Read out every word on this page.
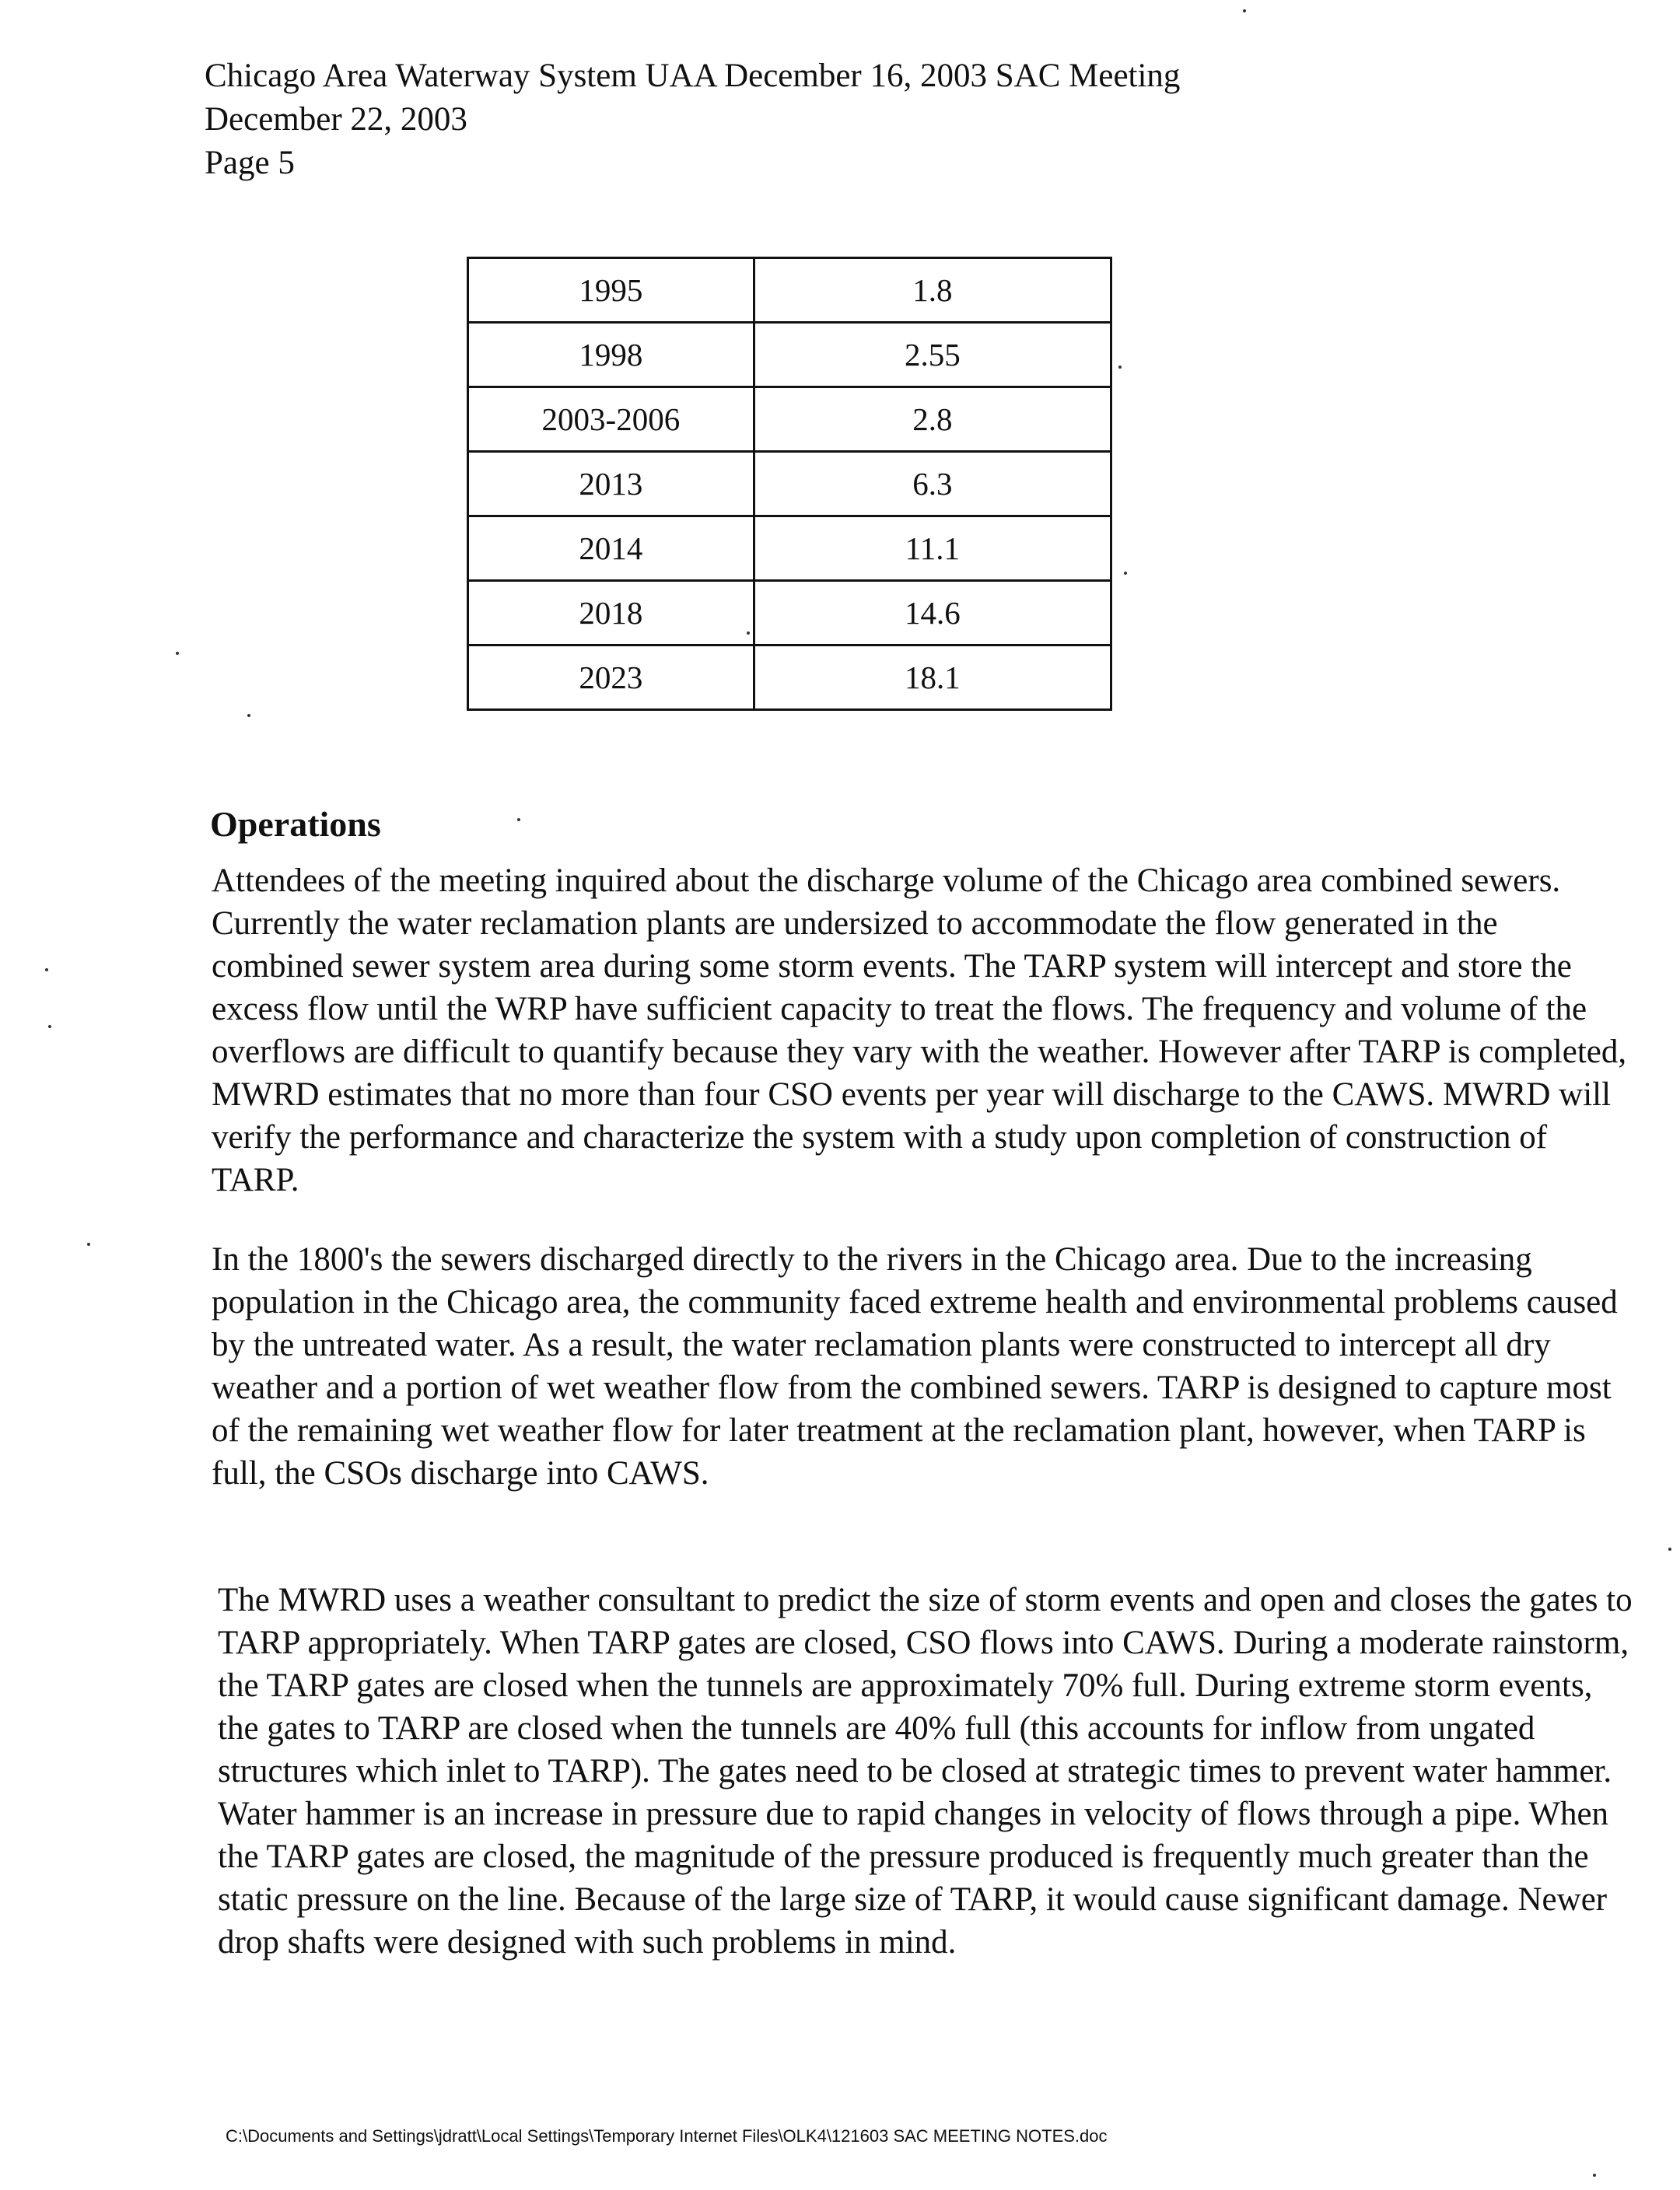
Chicago Area Waterway System UAA December 16, 2003 SAC Meeting
December 22, 2003
Page 5
1995	1.8
1998	2.55
2003-2006	2.8
2013	6.3
2014	11.1
2018	14.6
2023	18.1
Operations
Attendees of the meeting inquired about the discharge volume of the Chicago area combined sewers. Currently the water reclamation plants are undersized to accommodate the flow generated in the combined sewer system area during some storm events. The TARP system will intercept and store the excess flow until the WRP have sufficient capacity to treat the flows. The frequency and volume of the overflows are difficult to quantify because they vary with the weather. However after TARP is completed, MWRD estimates that no more than four CSO events per year will discharge to the CAWS. MWRD will verify the performance and characterize the system with a study upon completion of construction of TARP.
In the 1800's the sewers discharged directly to the rivers in the Chicago area. Due to the increasing population in the Chicago area, the community faced extreme health and environmental problems caused by the untreated water. As a result, the water reclamation plants were constructed to intercept all dry weather and a portion of wet weather flow from the combined sewers. TARP is designed to capture most of the remaining wet weather flow for later treatment at the reclamation plant, however, when TARP is full, the CSOs discharge into CAWS.
The MWRD uses a weather consultant to predict the size of storm events and open and closes the gates to TARP appropriately. When TARP gates are closed, CSO flows into CAWS. During a moderate rainstorm, the TARP gates are closed when the tunnels are approximately 70% full. During extreme storm events, the gates to TARP are closed when the tunnels are 40% full (this accounts for inflow from ungated structures which inlet to TARP). The gates need to be closed at strategic times to prevent water hammer. Water hammer is an increase in pressure due to rapid changes in velocity of flows through a pipe. When the TARP gates are closed, the magnitude of the pressure produced is frequently much greater than the static pressure on the line. Because of the large size of TARP, it would cause significant damage. Newer drop shafts were designed with such problems in mind.
C:\Documents and Settings\jdratt\Local Settings\Temporary Internet Files\OLK4\121603 SAC MEETING NOTES.doc
